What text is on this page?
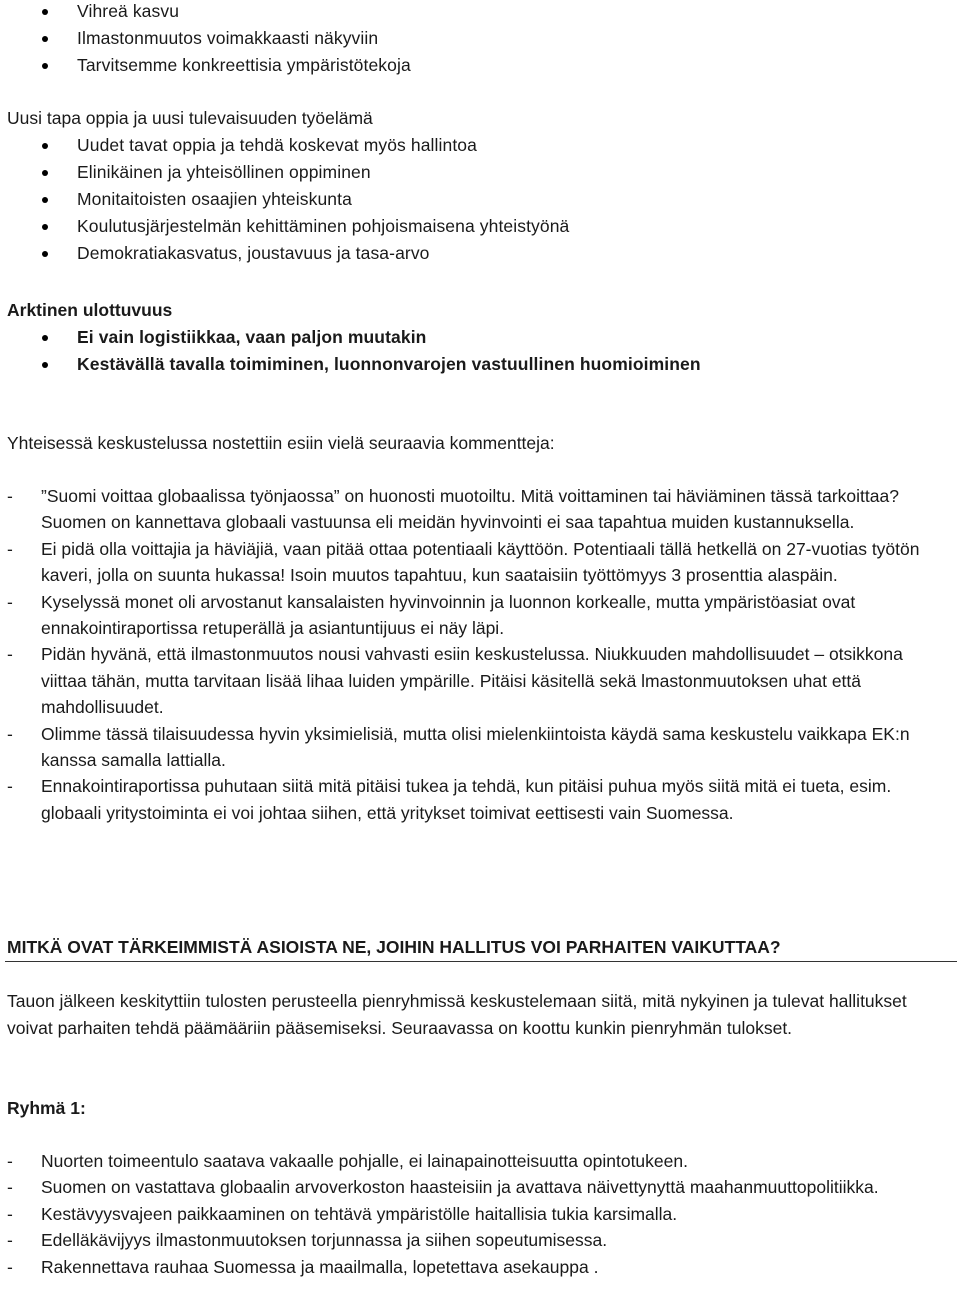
Vihreä kasvu
Ilmastonmuutos voimakkaasti näkyviin
Tarvitsemme konkreettisia ympäristötekoja
Uusi tapa oppia ja uusi tulevaisuuden työelämä
Uudet tavat oppia ja tehdä koskevat myös hallintoa
Elinikäinen ja yhteisöllinen oppiminen
Monitaitoisten osaajien yhteiskunta
Koulutusjärjestelmän kehittäminen pohjoismaisena yhteistyönä
Demokratiakasvatus, joustavuus ja tasa-arvo
Arktinen ulottuvuus
Ei vain logistiikkaa, vaan paljon muutakin
Kestävällä tavalla toimiminen, luonnonvarojen vastuullinen huomioiminen
Yhteisessä keskustelussa nostettiin esiin vielä seuraavia kommentteja:
- ”Suomi voittaa globaalissa työnjaossa” on huonosti muotoiltu. Mitä voittaminen tai häviäminen tässä tarkoittaa? Suomen on kannettava globaali vastuunsa eli meidän hyvinvointi ei saa tapahtua muiden kustannuksella.
- Ei pidä olla voittajia ja häviäjiä, vaan pitää ottaa potentiaali käyttöön. Potentiaali tällä hetkellä on 27-vuotias työtön kaveri, jolla on suunta hukassa! Isoin muutos tapahtuu, kun saataisiin työttömyys 3 prosenttia alaspäin.
- Kyselyssä monet oli arvostanut kansalaisten hyvinvoinnin ja luonnon korkealle, mutta ympäristöasiat ovat ennakointiraportissa retuperällä ja asiantuntijuus ei näy läpi.
- Pidän hyvänä, että ilmastonmuutos nousi vahvasti esiin keskustelussa. Niukkuuden mahdollisuudet – otsikkona viittaa tähän, mutta tarvitaan lisää lihaa luiden ympärille. Pitäisi käsitellä sekä lmastonmuutoksen uhat että mahdollisuudet.
- Olimme tässä tilaisuudessa hyvin yksimielisiä, mutta olisi mielenkiintoista käydä sama keskustelu vaikkapa EK:n kanssa samalla lattialla.
- Ennakointiraportissa puhutaan siitä mitä pitäisi tukea ja tehdä, kun pitäisi puhua myös siitä mitä ei tueta, esim. globaali yritystoiminta ei voi johtaa siihen, että yritykset toimivat eettisesti vain Suomessa.
MITKÄ OVAT TÄRKEIMMISTÄ ASIOISTA NE, JOIHIN HALLITUS VOI PARHAITEN VAIKUTTAA?
Tauon jälkeen keskityttiin tulosten perusteella pienryhmissä keskustelemaan siitä, mitä nykyinen ja tulevat hallitukset voivat parhaiten tehdä päämääriin pääsemiseksi. Seuraavassa on koottu kunkin pienryhmän tulokset.
Ryhmä 1:
- Nuorten toimeentulo saatava vakaalle pohjalle, ei lainapainotteisuutta opintotukeen.
- Suomen on vastattava globaalin arvoverkoston haasteisiin ja avattava näivettynyttä maahanmuuttopolitiikka.
- Kestävyysvajeen paikkaaminen on tehtävä ympäristölle haitallisia tukia karsimalla.
- Edelläkävijyys ilmastonmuutoksen torjunnassa ja siihen sopeutumisessa.
- Rakennettava rauhaa Suomessa ja maailmalla, lopetettava asekauppa .
